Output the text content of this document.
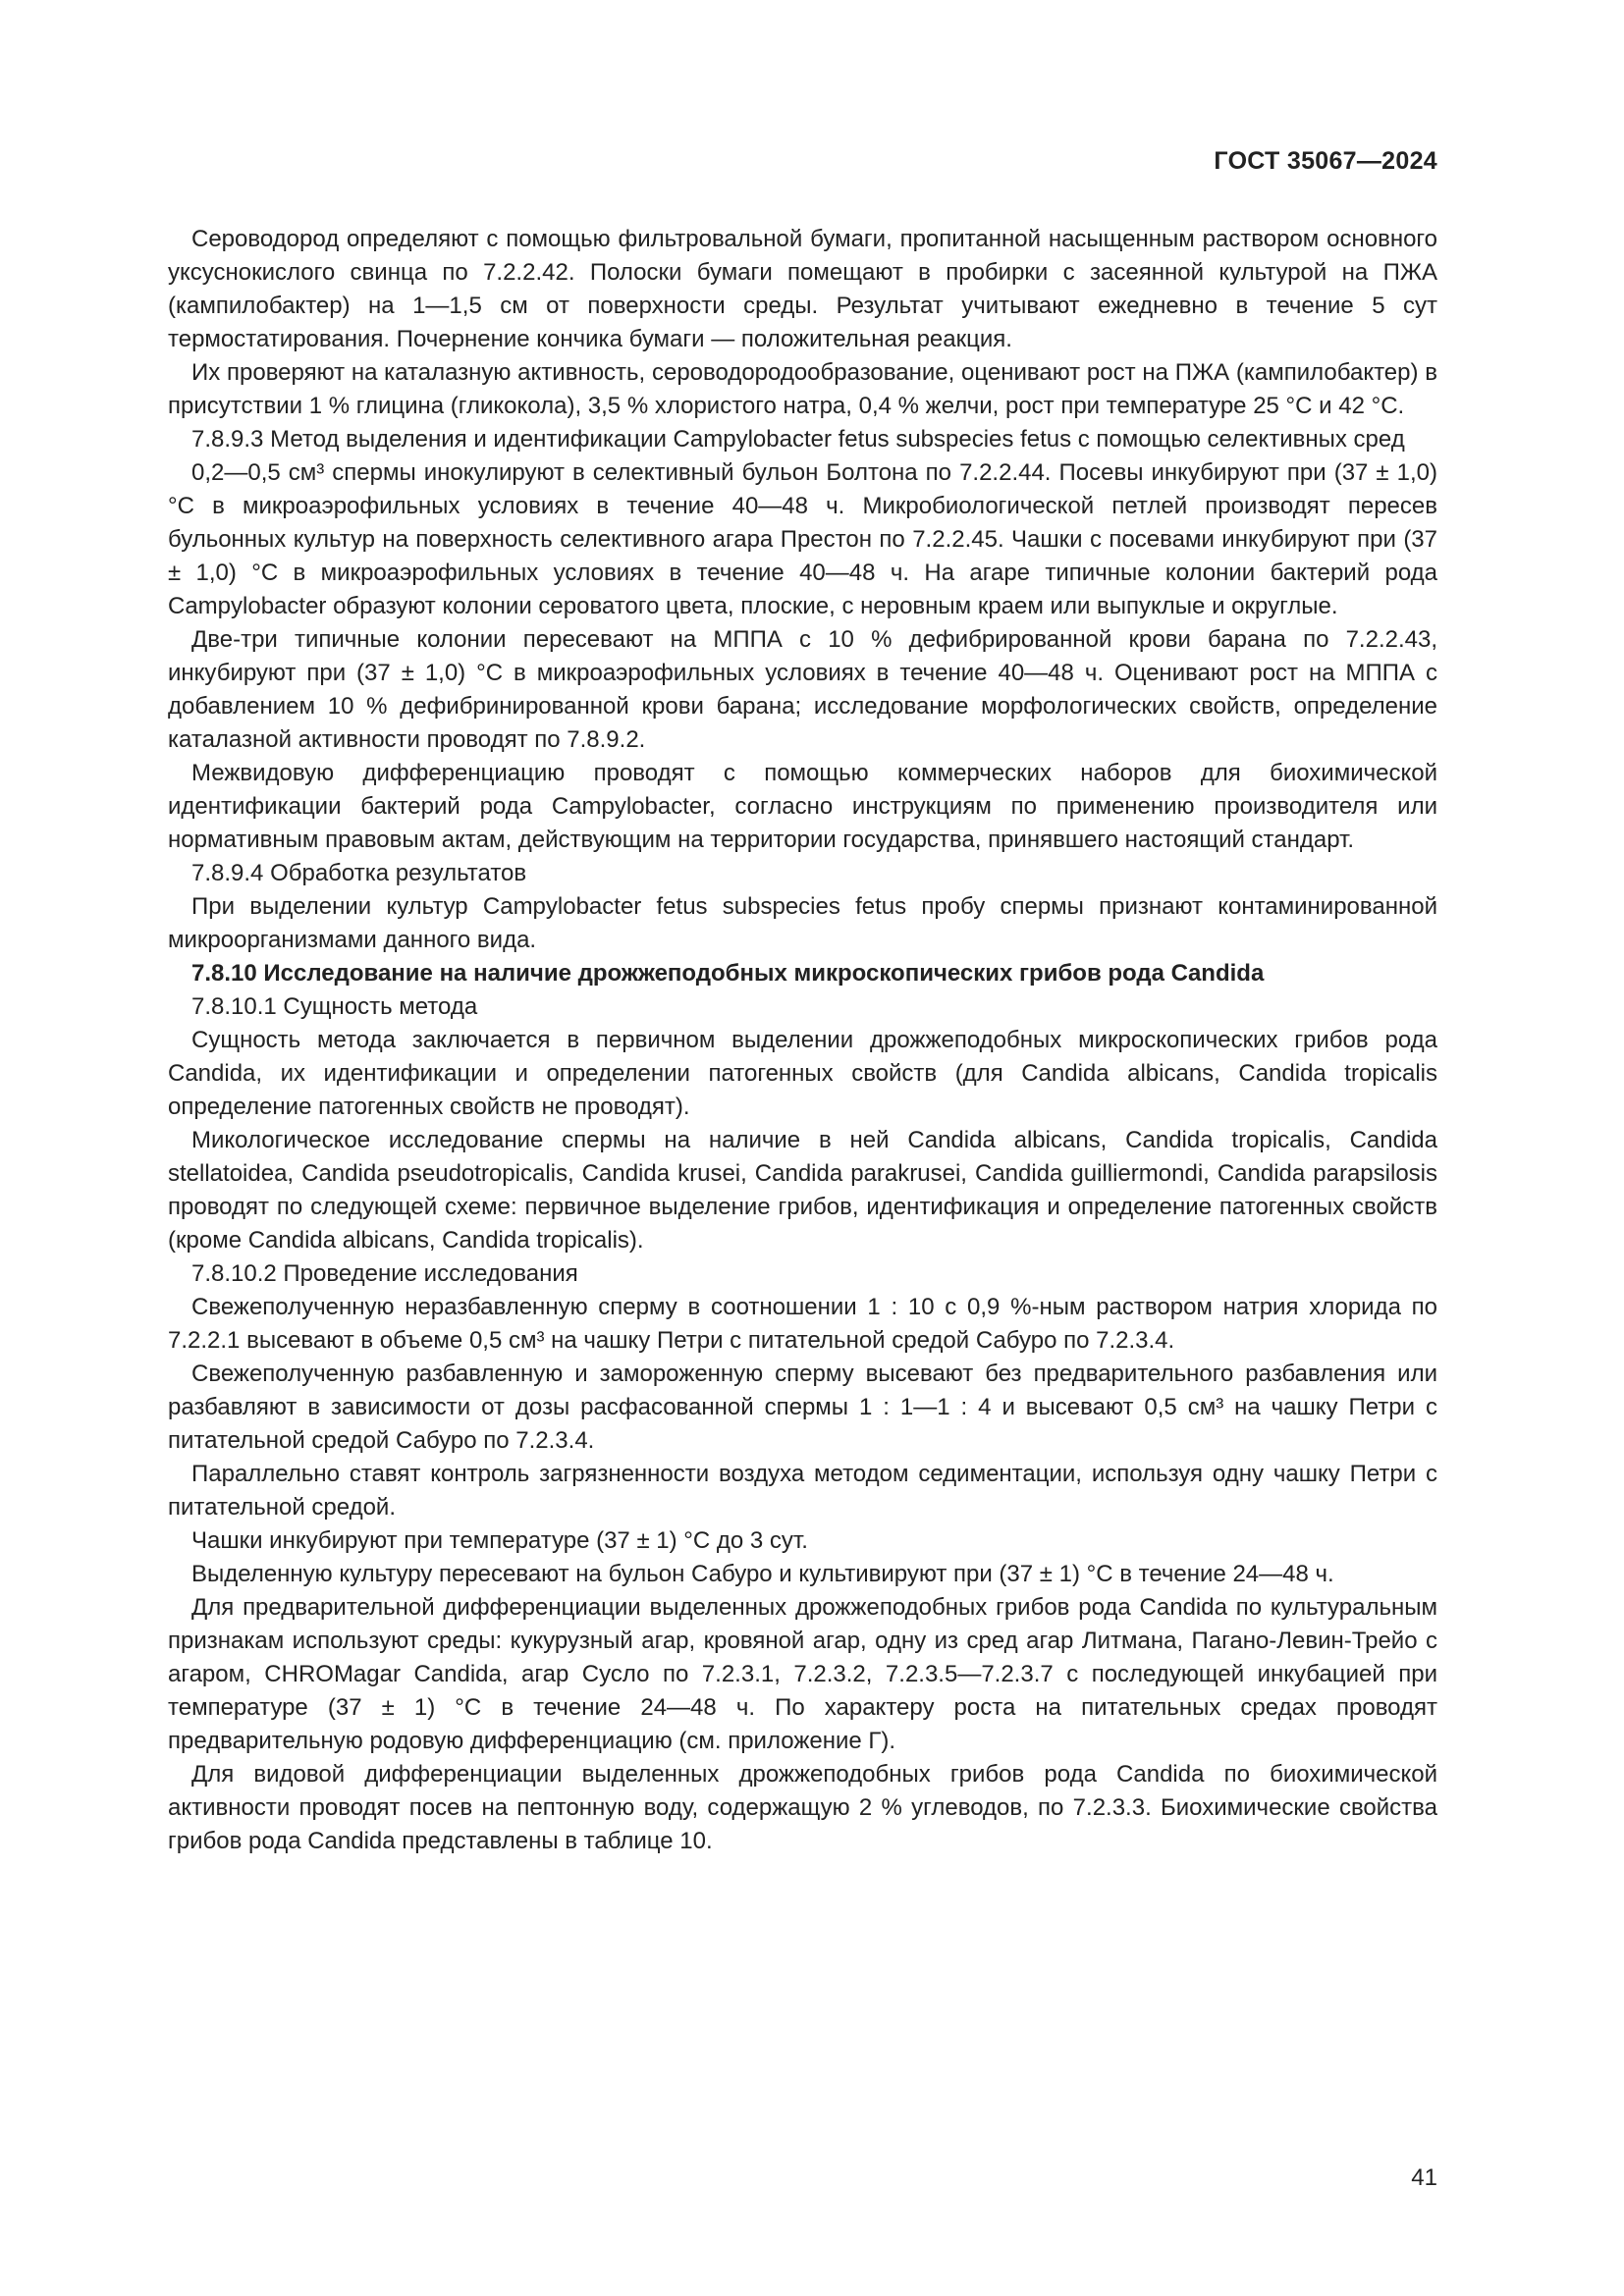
ГОСТ 35067—2024

Сероводород определяют с помощью фильтровальной бумаги, пропитанной насыщенным раствором основного уксуснокислого свинца по 7.2.2.42. Полоски бумаги помещают в пробирки с засеянной культурой на ПЖА (кампилобактер) на 1—1,5 см от поверхности среды. Результат учитывают ежедневно в течение 5 сут термостатирования. Почернение кончика бумаги — положительная реакция.

Их проверяют на каталазную активность, сероводородообразование, оценивают рост на ПЖА (кампилобактер) в присутствии 1 % глицина (гликокола), 3,5 % хлористого натра, 0,4 % желчи, рост при температуре 25 °С и 42 °С.

7.8.9.3 Метод выделения и идентификации Campylobacter fetus subspecies fetus с помощью селективных сред

0,2—0,5 см³ спермы инокулируют в селективный бульон Болтона по 7.2.2.44. Посевы инкубируют при (37 ± 1,0) °С в микроаэрофильных условиях в течение 40—48 ч. Микробиологической петлей производят пересев бульонных культур на поверхность селективного агара Престон по 7.2.2.45. Чашки с посевами инкубируют при (37 ± 1,0) °С в микроаэрофильных условиях в течение 40—48 ч. На агаре типичные колонии бактерий рода Campylobacter образуют колонии сероватого цвета, плоские, с неровным краем или выпуклые и округлые.

Две-три типичные колонии пересевают на МППА с 10 % дефибрированной крови барана по 7.2.2.43, инкубируют при (37 ± 1,0) °С в микроаэрофильных условиях в течение 40—48 ч. Оценивают рост на МППА с добавлением 10 % дефибринированной крови барана; исследование морфологических свойств, определение каталазной активности проводят по 7.8.9.2.

Межвидовую дифференциацию проводят с помощью коммерческих наборов для биохимической идентификации бактерий рода Campylobacter, согласно инструкциям по применению производителя или нормативным правовым актам, действующим на территории государства, принявшего настоящий стандарт.

7.8.9.4 Обработка результатов

При выделении культур Campylobacter fetus subspecies fetus пробу спермы признают контаминированной микроорганизмами данного вида.

7.8.10 Исследование на наличие дрожжеподобных микроскопических грибов рода Candida

7.8.10.1 Сущность метода

Сущность метода заключается в первичном выделении дрожжеподобных микроскопических грибов рода Candida, их идентификации и определении патогенных свойств (для Candida albicans, Candida tropicalis определение патогенных свойств не проводят).

Микологическое исследование спермы на наличие в ней Candida albicans, Candida tropicalis, Candida stellatoidea, Candida pseudotropicalis, Candida krusei, Candida parakrusei, Candida guilliermondi, Candida parapsilosis проводят по следующей схеме: первичное выделение грибов, идентификация и определение патогенных свойств (кроме Candida albicans, Candida tropicalis).

7.8.10.2 Проведение исследования

Свежеполученную неразбавленную сперму в соотношении 1 : 10 с 0,9 %-ным раствором натрия хлорида по 7.2.2.1 высевают в объеме 0,5 см³ на чашку Петри с питательной средой Сабуро по 7.2.3.4.

Свежеполученную разбавленную и замороженную сперму высевают без предварительного разбавления или разбавляют в зависимости от дозы расфасованной спермы 1 : 1—1 : 4 и высевают 0,5 см³ на чашку Петри с питательной средой Сабуро по 7.2.3.4.

Параллельно ставят контроль загрязненности воздуха методом седиментации, используя одну чашку Петри с питательной средой.

Чашки инкубируют при температуре (37 ± 1) °С до 3 сут.

Выделенную культуру пересевают на бульон Сабуро и культивируют при (37 ± 1) °С в течение 24—48 ч.

Для предварительной дифференциации выделенных дрожжеподобных грибов рода Candida по культуральным признакам используют среды: кукурузный агар, кровяной агар, одну из сред агар Литмана, Пагано-Левин-Трейо с агаром, CHROMagar Candida, агар Сусло по 7.2.3.1, 7.2.3.2, 7.2.3.5—7.2.3.7 с последующей инкубацией при температуре (37 ± 1) °С в течение 24—48 ч. По характеру роста на питательных средах проводят предварительную родовую дифференциацию (см. приложение Г).

Для видовой дифференциации выделенных дрожжеподобных грибов рода Candida по биохимической активности проводят посев на пептонную воду, содержащую 2 % углеводов, по 7.2.3.3. Биохимические свойства грибов рода Candida представлены в таблице 10.

41
